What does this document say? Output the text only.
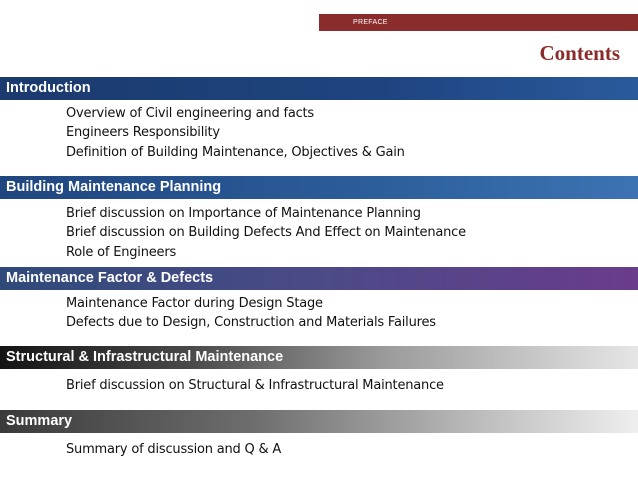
PREFACE
Contents
Introduction
Overview of Civil engineering and facts
Engineers Responsibility
Definition of Building Maintenance, Objectives & Gain
Building Maintenance Planning
Brief discussion on Importance of Maintenance Planning
Brief discussion on Building Defects And Effect on Maintenance
Role of Engineers
Maintenance Factor & Defects
Maintenance Factor during Design Stage
Defects due to Design, Construction and Materials Failures
Structural & Infrastructural Maintenance
Brief discussion on Structural & Infrastructural Maintenance
Summary
Summary of discussion and Q & A
